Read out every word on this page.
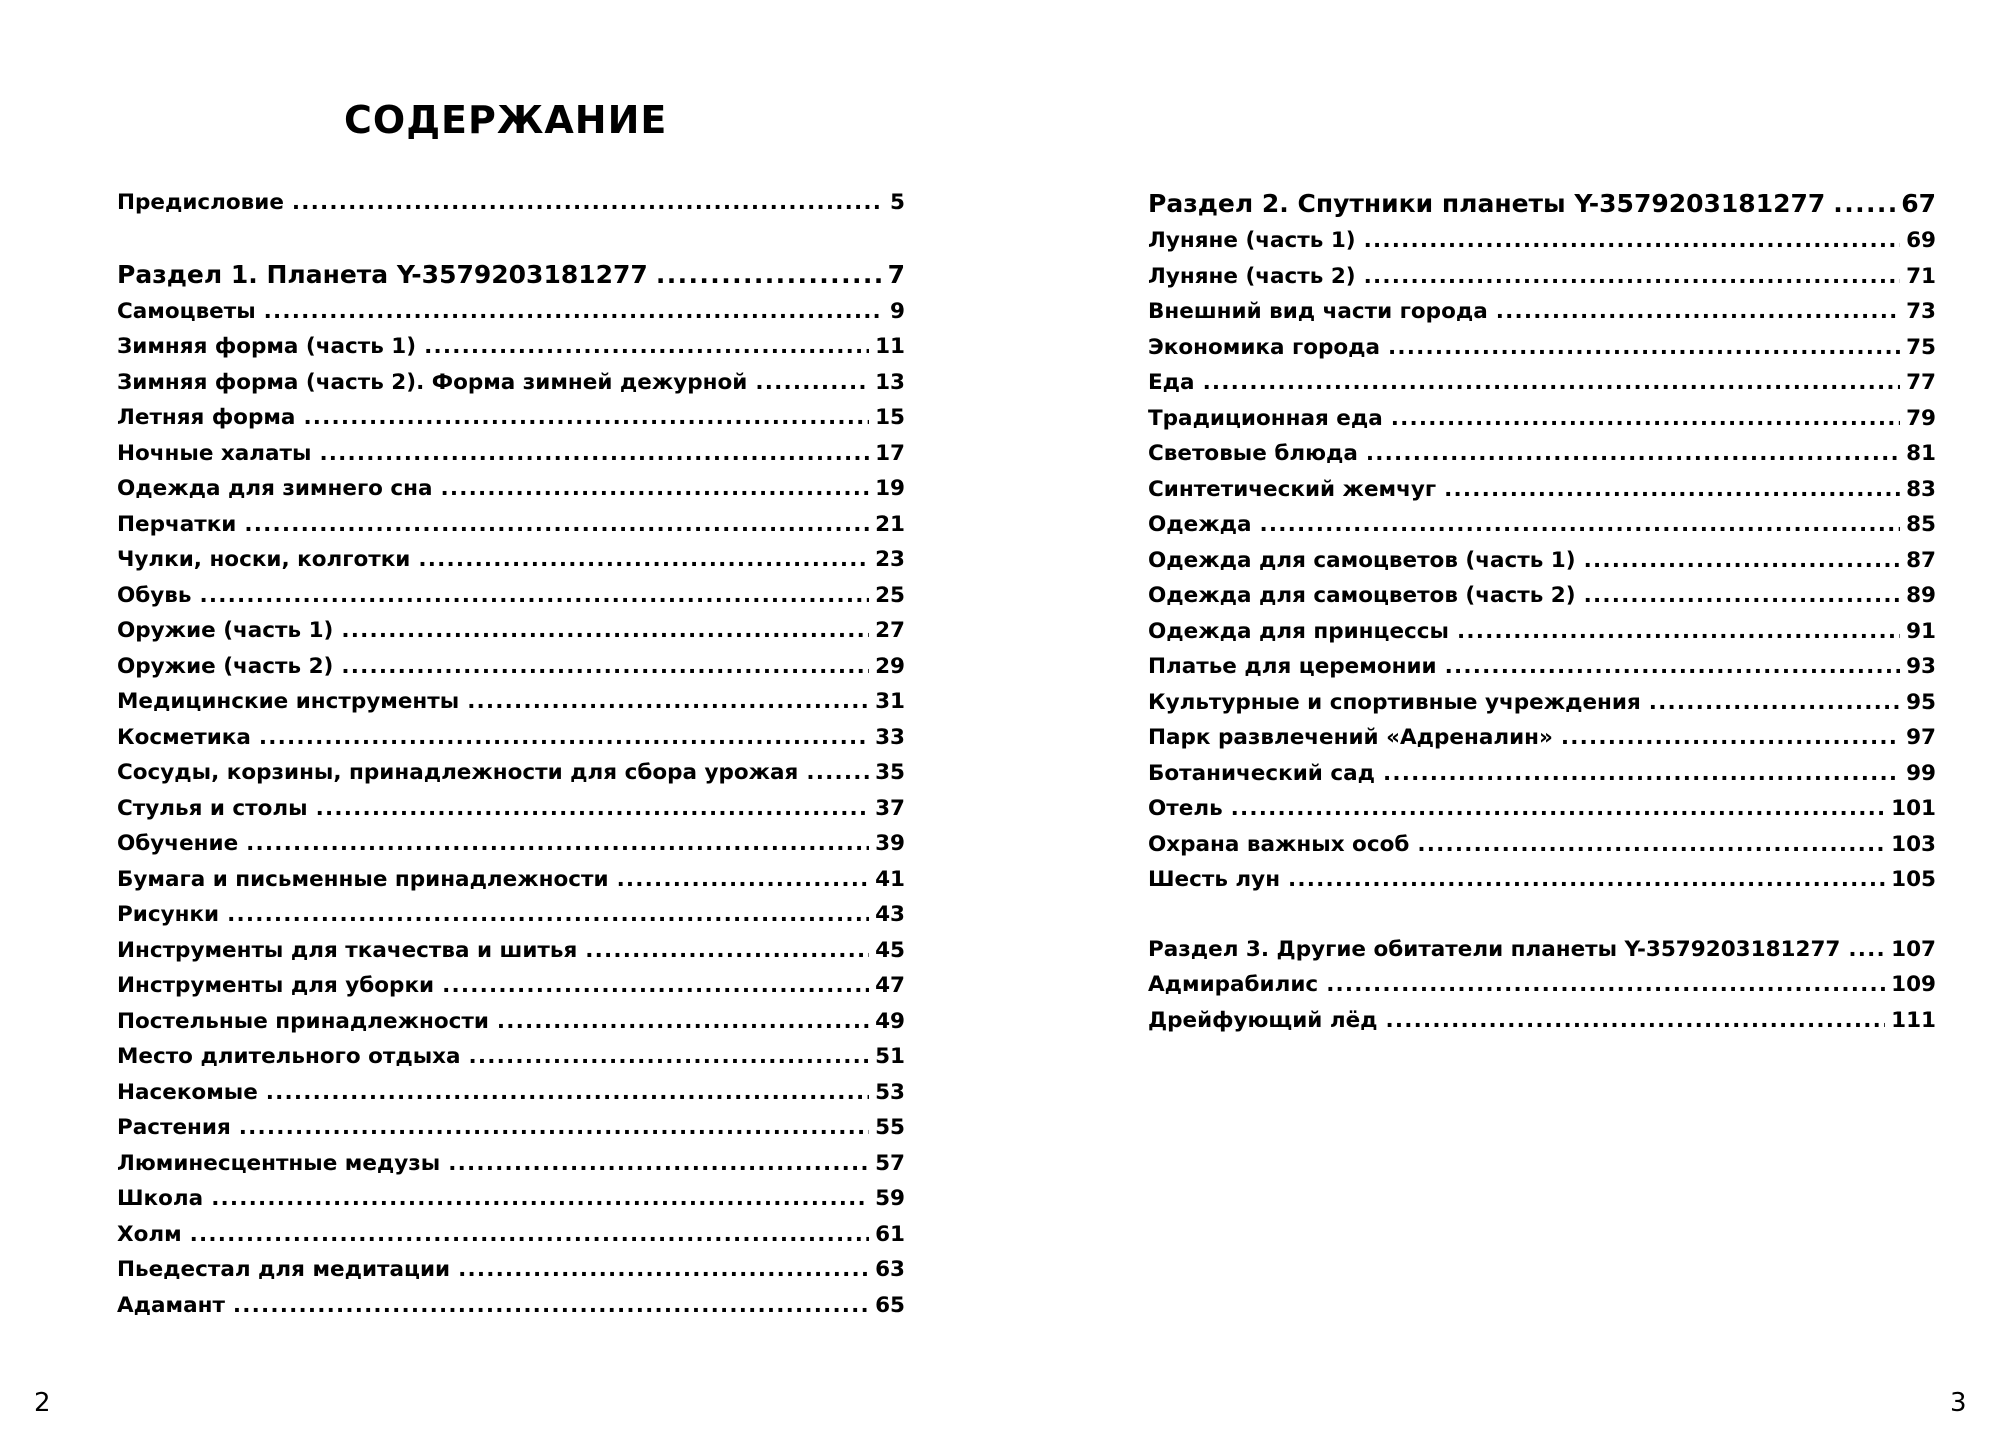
СОДЕРЖАНИЕ
Предисловие .....	5
Раздел 1. Планета Y-3579203181277 .....	7
Самоцветы .....	9
Зимняя форма (часть 1) .....	11
Зимняя форма (часть 2). Форма зимней дежурной .....	13
Летняя форма .....	15
Ночные халаты .....	17
Одежда для зимнего сна .....	19
Перчатки .....	21
Чулки, носки, колготки .....	23
Обувь .....	25
Оружие (часть 1) .....	27
Оружие (часть 2) .....	29
Медицинские инструменты .....	31
Косметика .....	33
Сосуды, корзины, принадлежности для сбора урожая .....	35
Стулья и столы .....	37
Обучение .....	39
Бумага и письменные принадлежности .....	41
Рисунки .....	43
Инструменты для ткачества и шитья .....	45
Инструменты для уборки .....	47
Постельные принадлежности .....	49
Место длительного отдыха .....	51
Насекомые .....	53
Растения .....	55
Люминесцентные медузы .....	57
Школа .....	59
Холм .....	61
Пьедестал для медитации .....	63
Адамант .....	65
Раздел 2. Спутники планеты Y-3579203181277 .....	67
Луняне (часть 1) .....	69
Луняне (часть 2) .....	71
Внешний вид части города .....	73
Экономика города .....	75
Еда .....	77
Традиционная еда .....	79
Световые блюда .....	81
Синтетический жемчуг .....	83
Одежда .....	85
Одежда для самоцветов (часть 1) .....	87
Одежда для самоцветов (часть 2) .....	89
Одежда для принцессы .....	91
Платье для церемонии .....	93
Культурные и спортивные учреждения .....	95
Парк развлечений «Адреналин» .....	97
Ботанический сад .....	99
Отель .....	101
Охрана важных особ .....	103
Шесть лун .....	105
Раздел 3. Другие обитатели планеты Y-3579203181277 .....	107
Адмирабилис .....	109
Дрейфующий лёд .....	111
2	3
